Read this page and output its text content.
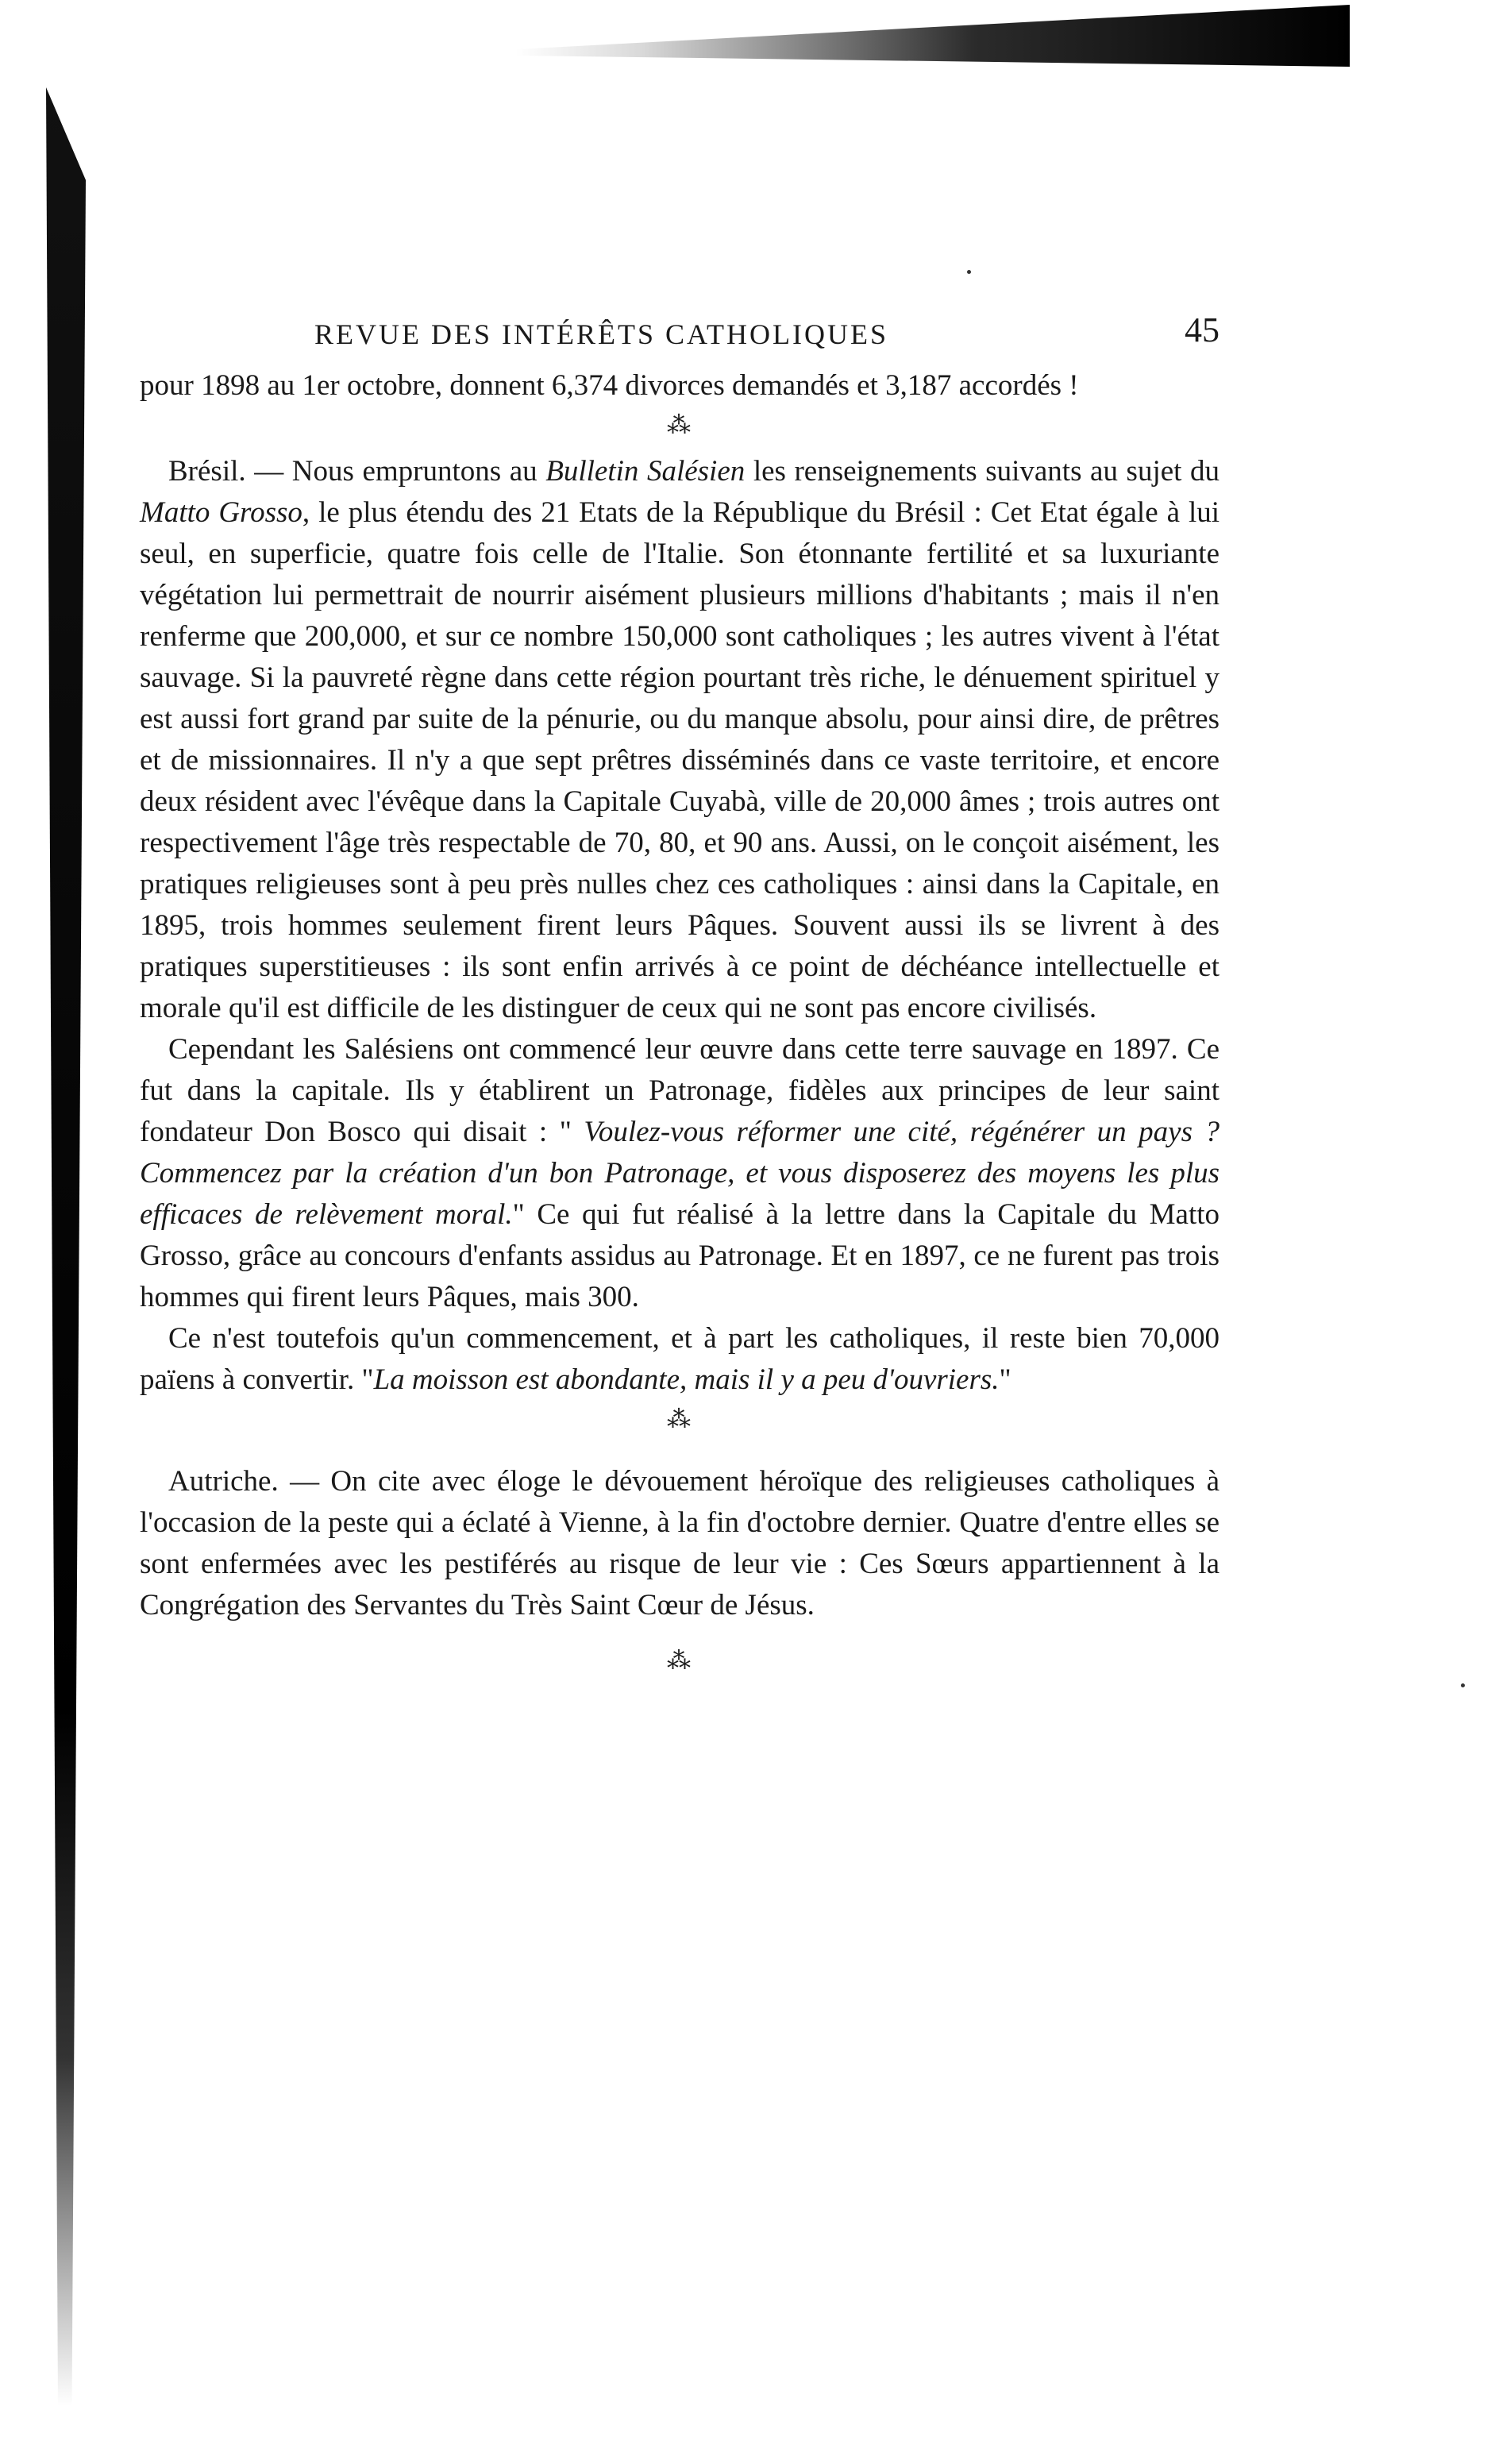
REVUE DES INTÉRÊTS CATHOLIQUES	45

pour 1898 au 1er octobre, donnent 6,374 divorces demandés et 3,187 accordés !

⁂

Brésil. — Nous empruntons au Bulletin Salésien les renseignements suivants au sujet du Matto Grosso, le plus étendu des 21 Etats de la République du Brésil : Cet Etat égale à lui seul, en superficie, quatre fois celle de l'Italie. Son étonnante fertilité et sa luxuriante végétation lui permettrait de nourrir aisément plusieurs millions d'habitants ; mais il n'en renferme que 200,000, et sur ce nombre 150,000 sont catholiques ; les autres vivent à l'état sauvage. Si la pauvreté règne dans cette région pourtant très riche, le dénuement spirituel y est aussi fort grand par suite de la pénurie, ou du manque absolu, pour ainsi dire, de prêtres et de missionnaires. Il n'y a que sept prêtres disséminés dans ce vaste territoire, et encore deux résident avec l'évêque dans la Capitale Cuyabà, ville de 20,000 âmes ; trois autres ont respectivement l'âge très respectable de 70, 80, et 90 ans. Aussi, on le conçoit aisément, les pratiques religieuses sont à peu près nulles chez ces catholiques : ainsi dans la Capitale, en 1895, trois hommes seulement firent leurs Pâques. Souvent aussi ils se livrent à des pratiques superstitieuses : ils sont enfin arrivés à ce point de déchéance intellectuelle et morale qu'il est difficile de les distinguer de ceux qui ne sont pas encore civilisés.

Cependant les Salésiens ont commencé leur œuvre dans cette terre sauvage en 1897. Ce fut dans la capitale. Ils y établirent un Patronage, fidèles aux principes de leur saint fondateur Don Bosco qui disait : " Voulez-vous réformer une cité, régénérer un pays ? Commencez par la création d'un bon Patronage, et vous disposerez des moyens les plus efficaces de relèvement moral." Ce qui fut réalisé à la lettre dans la Capitale du Matto Grosso, grâce au concours d'enfants assidus au Patronage. Et en 1897, ce ne furent pas trois hommes qui firent leurs Pâques, mais 300.

Ce n'est toutefois qu'un commencement, et à part les catholiques, il reste bien 70,000 païens à convertir. "La moisson est abondante, mais il y a peu d'ouvriers."

⁂

Autriche. — On cite avec éloge le dévouement héroïque des religieuses catholiques à l'occasion de la peste qui a éclaté à Vienne, à la fin d'octobre dernier. Quatre d'entre elles se sont enfermées avec les pestiférés au risque de leur vie : Ces Sœurs appartiennent à la Congrégation des Servantes du Très Saint Cœur de Jésus.

⁂
